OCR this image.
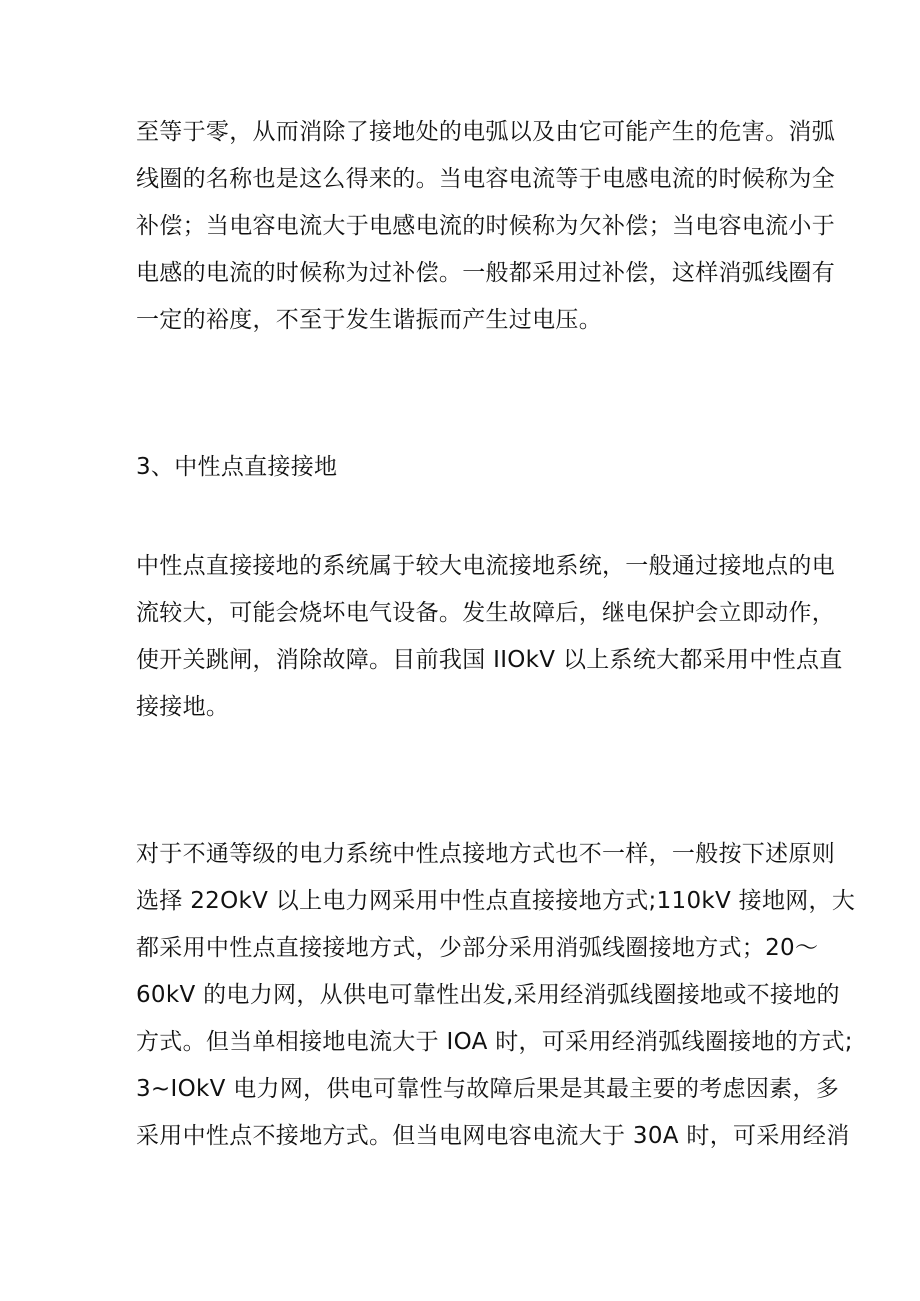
至等于零，从而消除了接地处的电弧以及由它可能产生的危害。消弧
线圈的名称也是这么得来的。当电容电流等于电感电流的时候称为全
补偿；当电容电流大于电感电流的时候称为欠补偿；当电容电流小于
电感的电流的时候称为过补偿。一般都采用过补偿，这样消弧线圈有
一定的裕度，不至于发生谐振而产生过电压。
3、中性点直接接地
中性点直接接地的系统属于较大电流接地系统，一般通过接地点的电
流较大，可能会烧坏电气设备。发生故障后，继电保护会立即动作，
使开关跳闸，消除故障。目前我国 IIOkV 以上系统大都采用中性点直
接接地。
对于不通等级的电力系统中性点接地方式也不一样，一般按下述原则
选择 22OkV 以上电力网采用中性点直接接地方式;110kV 接地网，大
都采用中性点直接接地方式，少部分采用消弧线圈接地方式；20～
60kV 的电力网，从供电可靠性出发,采用经消弧线圈接地或不接地的
方式。但当单相接地电流大于 IOA 时，可采用经消弧线圈接地的方式;
3~IOkV 电力网，供电可靠性与故障后果是其最主要的考虑因素，多
采用中性点不接地方式。但当电网电容电流大于 30A 时，可采用经消
